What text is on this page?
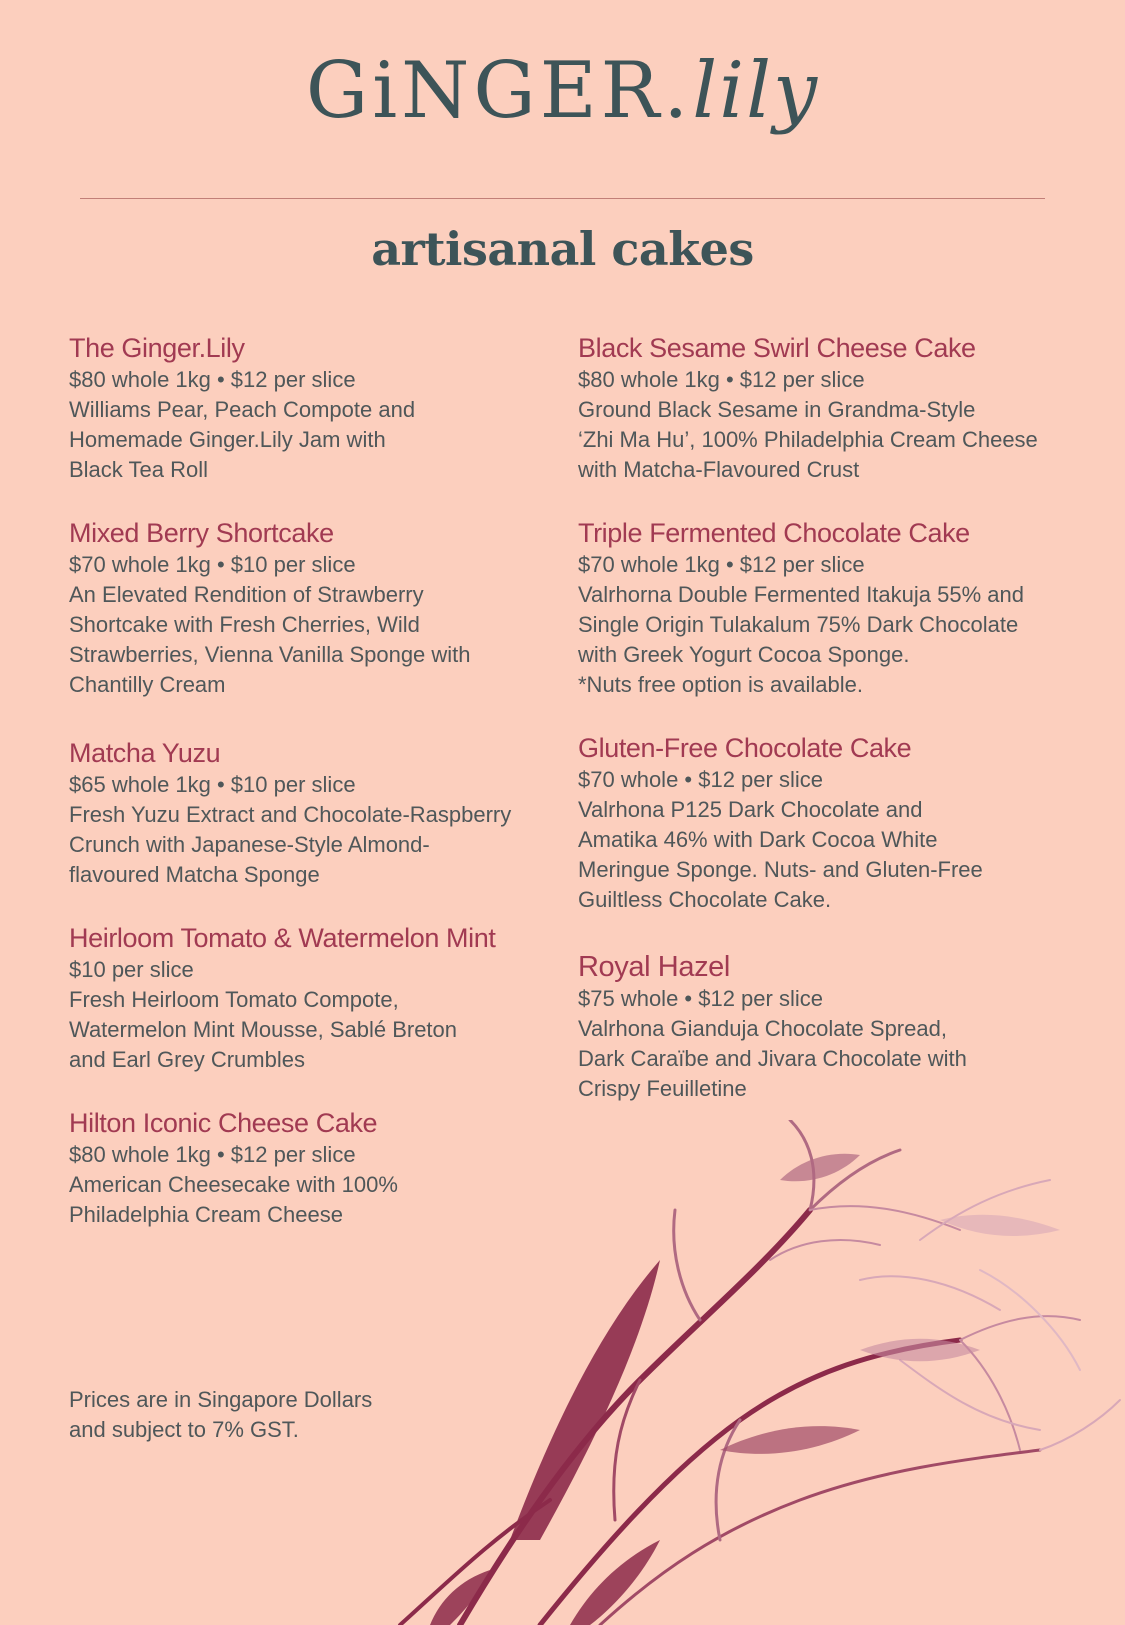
GiNGER.lily
artisanal cakes
The Ginger.Lily
$80 whole 1kg • $12 per slice
Williams Pear, Peach Compote and
Homemade Ginger.Lily Jam with
Black Tea Roll
Mixed Berry Shortcake
$70 whole 1kg • $10 per slice
An Elevated Rendition of Strawberry
Shortcake with Fresh Cherries, Wild
Strawberries, Vienna Vanilla Sponge with
Chantilly Cream
Matcha Yuzu
$65 whole 1kg • $10 per slice
Fresh Yuzu Extract and Chocolate-Raspberry
Crunch with Japanese-Style Almond-
flavoured Matcha Sponge
Heirloom Tomato & Watermelon Mint
$10 per slice
Fresh Heirloom Tomato Compote,
Watermelon Mint Mousse, Sablé Breton
and Earl Grey Crumbles
Hilton Iconic Cheese Cake
$80 whole 1kg • $12 per slice
American Cheesecake with 100%
Philadelphia Cream Cheese
Black Sesame Swirl Cheese Cake
$80 whole 1kg • $12 per slice
Ground Black Sesame in Grandma-Style
‘Zhi Ma Hu’, 100% Philadelphia Cream Cheese
with Matcha-Flavoured Crust
Triple Fermented Chocolate Cake
$70 whole 1kg • $12 per slice
Valrhorna Double Fermented Itakuja 55% and
Single Origin Tulakalum 75% Dark Chocolate
with Greek Yogurt Cocoa Sponge.
*Nuts free option is available.
Gluten-Free Chocolate Cake
$70 whole • $12 per slice
Valrhona P125 Dark Chocolate and
Amatika 46% with Dark Cocoa White
Meringue Sponge. Nuts- and Gluten-Free
Guiltless Chocolate Cake.
Royal Hazel
$75 whole • $12 per slice
Valrhona Gianduja Chocolate Spread,
Dark Caraïbe and Jivara Chocolate with
Crispy Feuilletine
Prices are in Singapore Dollars
and subject to 7% GST.
